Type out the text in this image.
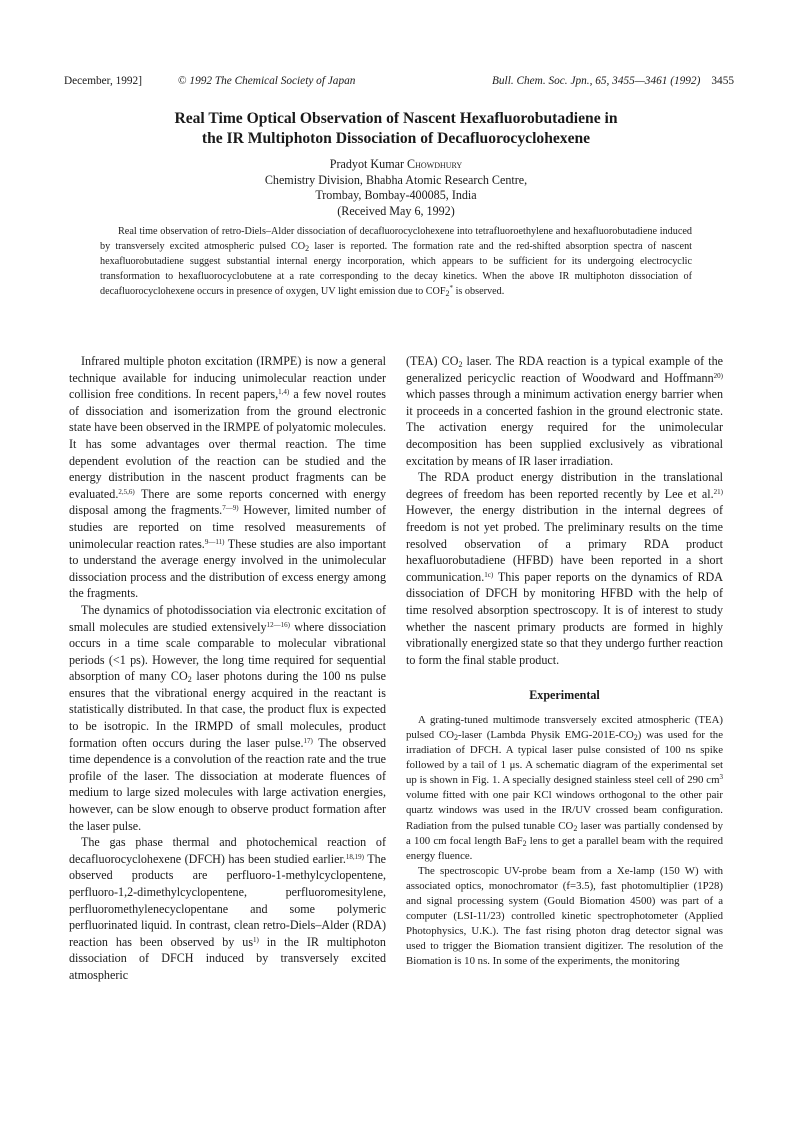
December, 1992]	© 1992 The Chemical Society of Japan	Bull. Chem. Soc. Jpn., 65, 3455—3461 (1992) 3455
Real Time Optical Observation of Nascent Hexafluorobutadiene in
the IR Multiphoton Dissociation of Decafluorocyclohexene
Pradyot Kumar Chowdhury
Chemistry Division, Bhabha Atomic Research Centre,
Trombay, Bombay-400085, India
(Received May 6, 1992)

Real time observation of retro-Diels–Alder dissociation of decafluorocyclohexene into tetrafluoroethylene and hexafluorobutadiene induced by transversely excited atmospheric pulsed $CO_2$ laser is reported. The formation rate and the red-shifted absorption spectra of nascent hexafluorobutadiene suggest substantial internal energy incorporation, which appears to be sufficient for its undergoing electrocyclic transformation to hexafluorocyclobutene at a rate corresponding to the decay kinetics. When the above IR multiphoton dissociation of decafluorocyclohexene occurs in presence of oxygen, UV light emission due to $COF_2^*$ is observed.

Infrared multiple photon excitation (IRMPE) is now a general technique available for inducing unimolecular reaction under collision free conditions. In recent papers,$^{1,4)}$ a few novel routes of dissociation and isomerization from the ground electronic state have been observed in the IRMPE of polyatomic molecules. It has some advantages over thermal reaction. The time dependent evolution of the reaction can be studied and the energy distribution in the nascent product fragments can be evaluated.$^{2,5,6)}$ There are some reports concerned with energy disposal among the fragments.$^{7—9)}$ However, limited number of studies are reported on time resolved measurements of unimolecular reaction rates.$^{9—11)}$ These studies are also important to understand the average energy involved in the unimolecular dissociation process and the distribution of excess energy among the fragments.

The dynamics of photodissociation via electronic excitation of small molecules are studied extensively$^{12—16)}$ where dissociation occurs in a time scale comparable to molecular vibrational periods (<1 ps). However, the long time required for sequential absorption of many $CO_2$ laser photons during the 100 ns pulse ensures that the vibrational energy acquired in the reactant is statistically distributed. In that case, the product flux is expected to be isotropic. In the IRMPD of small molecules, product formation often occurs during the laser pulse.$^{17)}$ The observed time dependence is a convolution of the reaction rate and the true profile of the laser. The dissociation at moderate fluences of medium to large sized molecules with large activation energies, however, can be slow enough to observe product formation after the laser pulse.

The gas phase thermal and photochemical reaction of decafluorocyclohexene (DFCH) has been studied earlier.$^{18,19)}$ The observed products are perfluoro-1-methylcyclopentene, perfluoro-1,2-dimethylcyclopentene, perfluoromesitylene, perfluoromethylenecyclopentane and some polymeric perfluorinated liquid. In contrast, clean retro-Diels–Alder (RDA) reaction has been observed by $us^{1)}$ in the IR multiphoton dissociation of DFCH induced by transversely excited atmospheric

(TEA) $CO_2$ laser. The RDA reaction is a typical example of the generalized pericyclic reaction of Woodward and Hoffmann$^{20)}$ which passes through a minimum activation energy barrier when it proceeds in a concerted fashion in the ground electronic state. The activation energy required for the unimolecular decomposition has been supplied exclusively as vibrational excitation by means of IR laser irradiation.

The RDA product energy distribution in the translational degrees of freedom has been reported recently by Lee et al.$^{21)}$ However, the energy distribution in the internal degrees of freedom is not yet probed. The preliminary results on the time resolved observation of a primary RDA product hexafluorobutadiene (HFBD) have been reported in a short communication.$^{1c)}$ This paper reports on the dynamics of RDA dissociation of DFCH by monitoring HFBD with the help of time resolved absorption spectroscopy. It is of interest to study whether the nascent primary products are formed in highly vibrationally energized state so that they undergo further reaction to form the final stable product.

Experimental

A grating-tuned multimode transversely excited atmospheric (TEA) pulsed $CO_2$-laser (Lambda Physik EMG-$201E-CO_2$) was used for the irradiation of DFCH. A typical laser pulse consisted of 100 ns spike followed by a tail of 1 μs. A schematic diagram of the experimental set up is shown in Fig. 1. A specially designed stainless steel cell of 290 $cm^3$ volume fitted with one pair KCl windows orthogonal to the other pair quartz windows was used in the IR/UV crossed beam configuration. Radiation from the pulsed tunable $CO_2$ laser was partially condensed by a 100 cm focal length BaF$_2$ lens to get a parallel beam with the required energy fluence.

The spectroscopic UV-probe beam from a Xe-lamp (150 W) with associated optics, monochromator (f=3.5), fast photomultiplier (1P28) and signal processing system (Gould Biomation 4500) was part of a computer (LSI-11/23) controlled kinetic spectrophotometer (Applied Photophysics, U.K.). The fast rising photon drag detector signal was used to trigger the Biomation transient digitizer. The resolution of the Biomation is 10 ns. In some of the experiments, the monitoring
